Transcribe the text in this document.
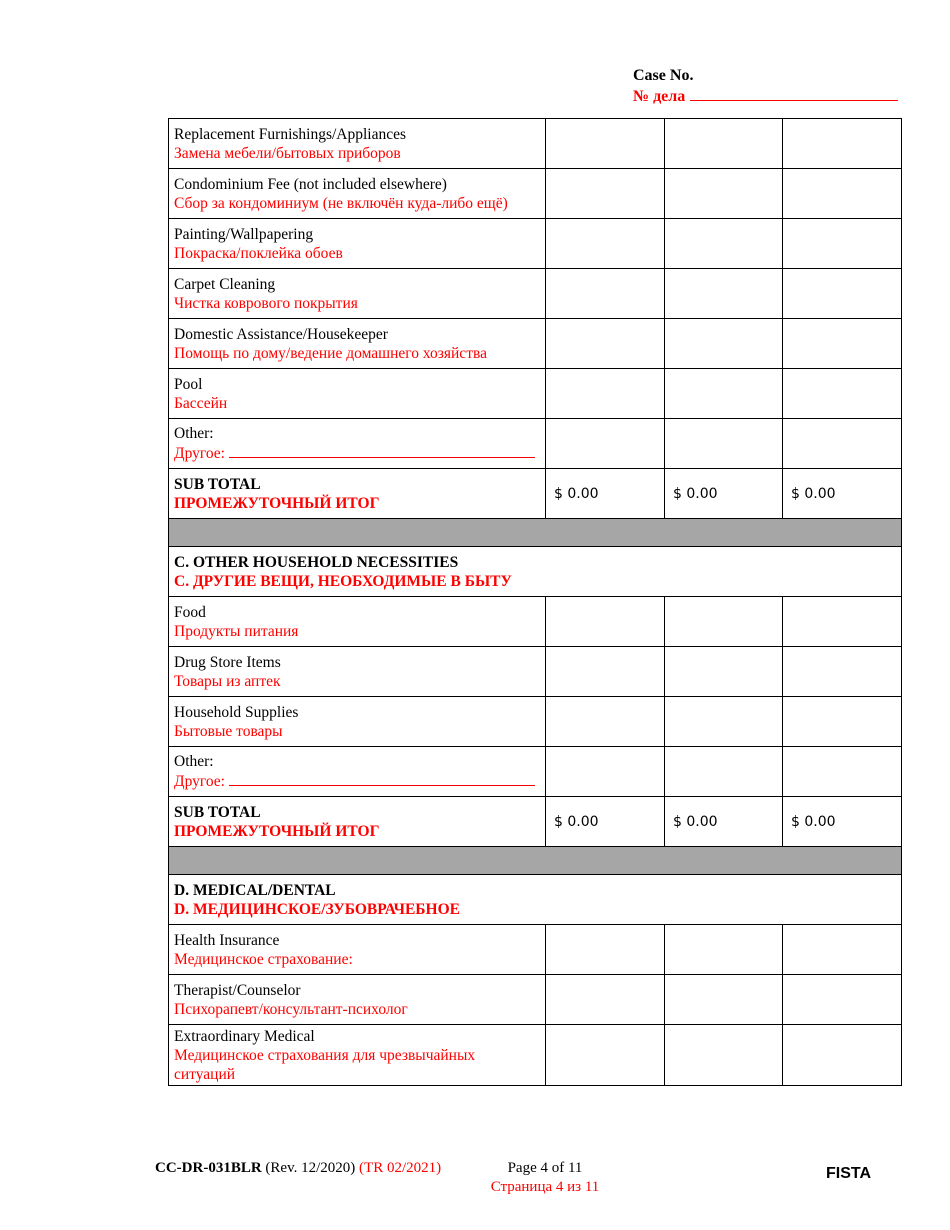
Case No.
№ дела
Replacement Furnishings/Appliances
Замена мебели/бытовых приборов			

Condominium Fee (not included elsewhere)
Сбор за кондоминиум (не включён куда-либо ещё)			

Painting/Wallpapering
Покраска/поклейка обоев			

Carpet Cleaning
Чистка коврового покрытия			

Domestic Assistance/Housekeeper
Помощь по дому/ведение домашнего хозяйства			

Pool
Бассейн			

Other:
Другое:			

SUB TOTAL
ПРОМЕЖУТОЧНЫЙ ИТОГ	$ 0.00	$ 0.00	$ 0.00

C. OTHER HOUSEHOLD NECESSITIES
С. ДРУГИЕ ВЕЩИ, НЕОБХОДИМЫЕ В БЫТУ			

Food
Продукты питания			

Drug Store Items
Товары из аптек			

Household Supplies
Бытовые товары			

Other:
Другое:			

SUB TOTAL
ПРОМЕЖУТОЧНЫЙ ИТОГ	$ 0.00	$ 0.00	$ 0.00

D. MEDICAL/DENTAL
D. МЕДИЦИНСКОЕ/ЗУБОВРАЧЕБНОЕ			

Health Insurance
Медицинское страхование:			

Therapist/Counselor
Психорапевт/консультант-психолог			

Extraordinary Medical
Медицинское страхования для чрезвычайных ситуаций			

CC-DR-031BLR (Rev. 12/2020) (TR 02/2021)	Page 4 of 11
Страница 4 из 11
FISTA
